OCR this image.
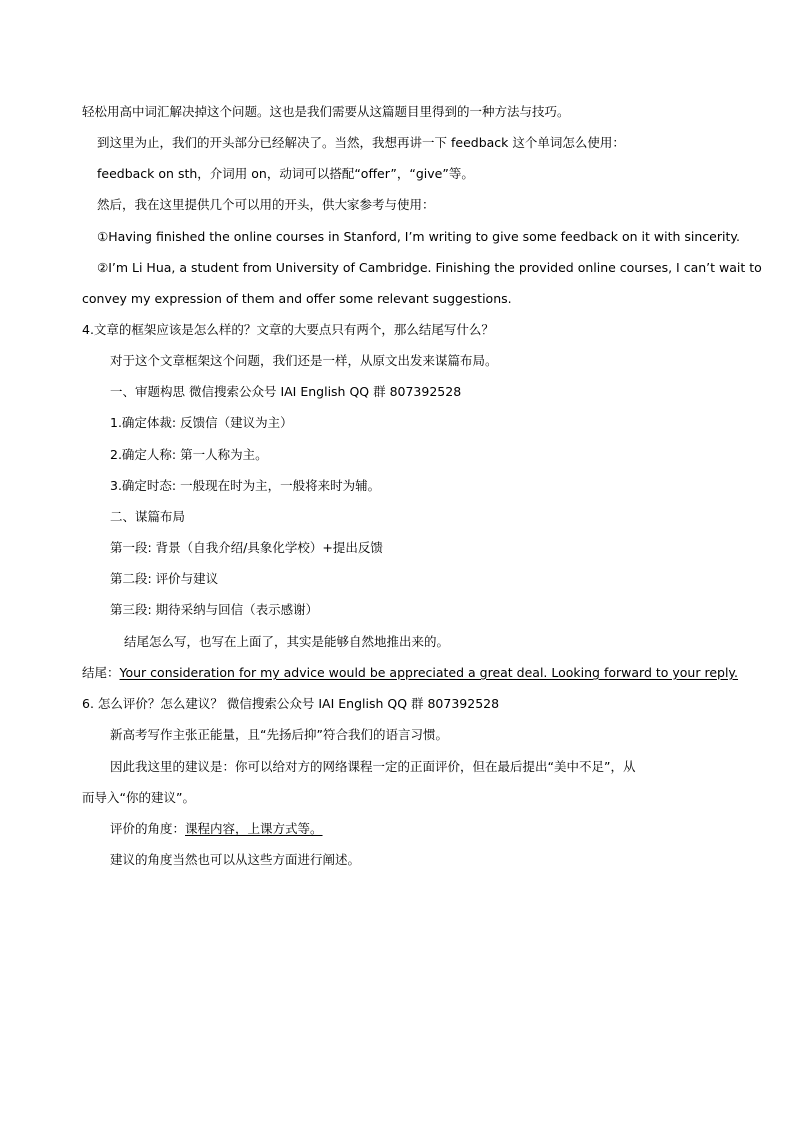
轻松用高中词汇解决掉这个问题。这也是我们需要从这篇题目里得到的一种方法与技巧。
到这里为止，我们的开头部分已经解决了。当然，我想再讲一下 feedback 这个单词怎么使用：
feedback on sth，介词用 on，动词可以搭配“offer”，“give”等。
然后，我在这里提供几个可以用的开头，供大家参考与使用：
①Having finished the online courses in Stanford, I’m writing to give some feedback on it with sincerity.
②I’m Li Hua, a student from University of Cambridge. Finishing the provided online courses, I can’t wait to
convey my expression of them and offer some relevant suggestions.
4.文章的框架应该是怎么样的？文章的大要点只有两个，那么结尾写什么？
对于这个文章框架这个问题，我们还是一样，从原文出发来谋篇布局。
一、审题构思 微信搜索公众号 IAI English QQ 群 807392528
1.确定体裁: 反馈信（建议为主）
2.确定人称: 第一人称为主。
3.确定时态: 一般现在时为主，一般将来时为辅。
二、谋篇布局
第一段: 背景（自我介绍/具象化学校）+提出反馈
第二段: 评价与建议
第三段: 期待采纳与回信（表示感谢）
结尾怎么写，也写在上面了，其实是能够自然地推出来的。
结尾：Your consideration for my advice would be appreciated a great deal. Looking forward to your reply.
6. 怎么评价？怎么建议？ 微信搜索公众号 IAI English QQ 群 807392528
新高考写作主张正能量，且“先扬后抑”符合我们的语言习惯。
因此我这里的建议是：你可以给对方的网络课程一定的正面评价，但在最后提出“美中不足”，从
而导入“你的建议”。
评价的角度：课程内容，上课方式等。
建议的角度当然也可以从这些方面进行阐述。
